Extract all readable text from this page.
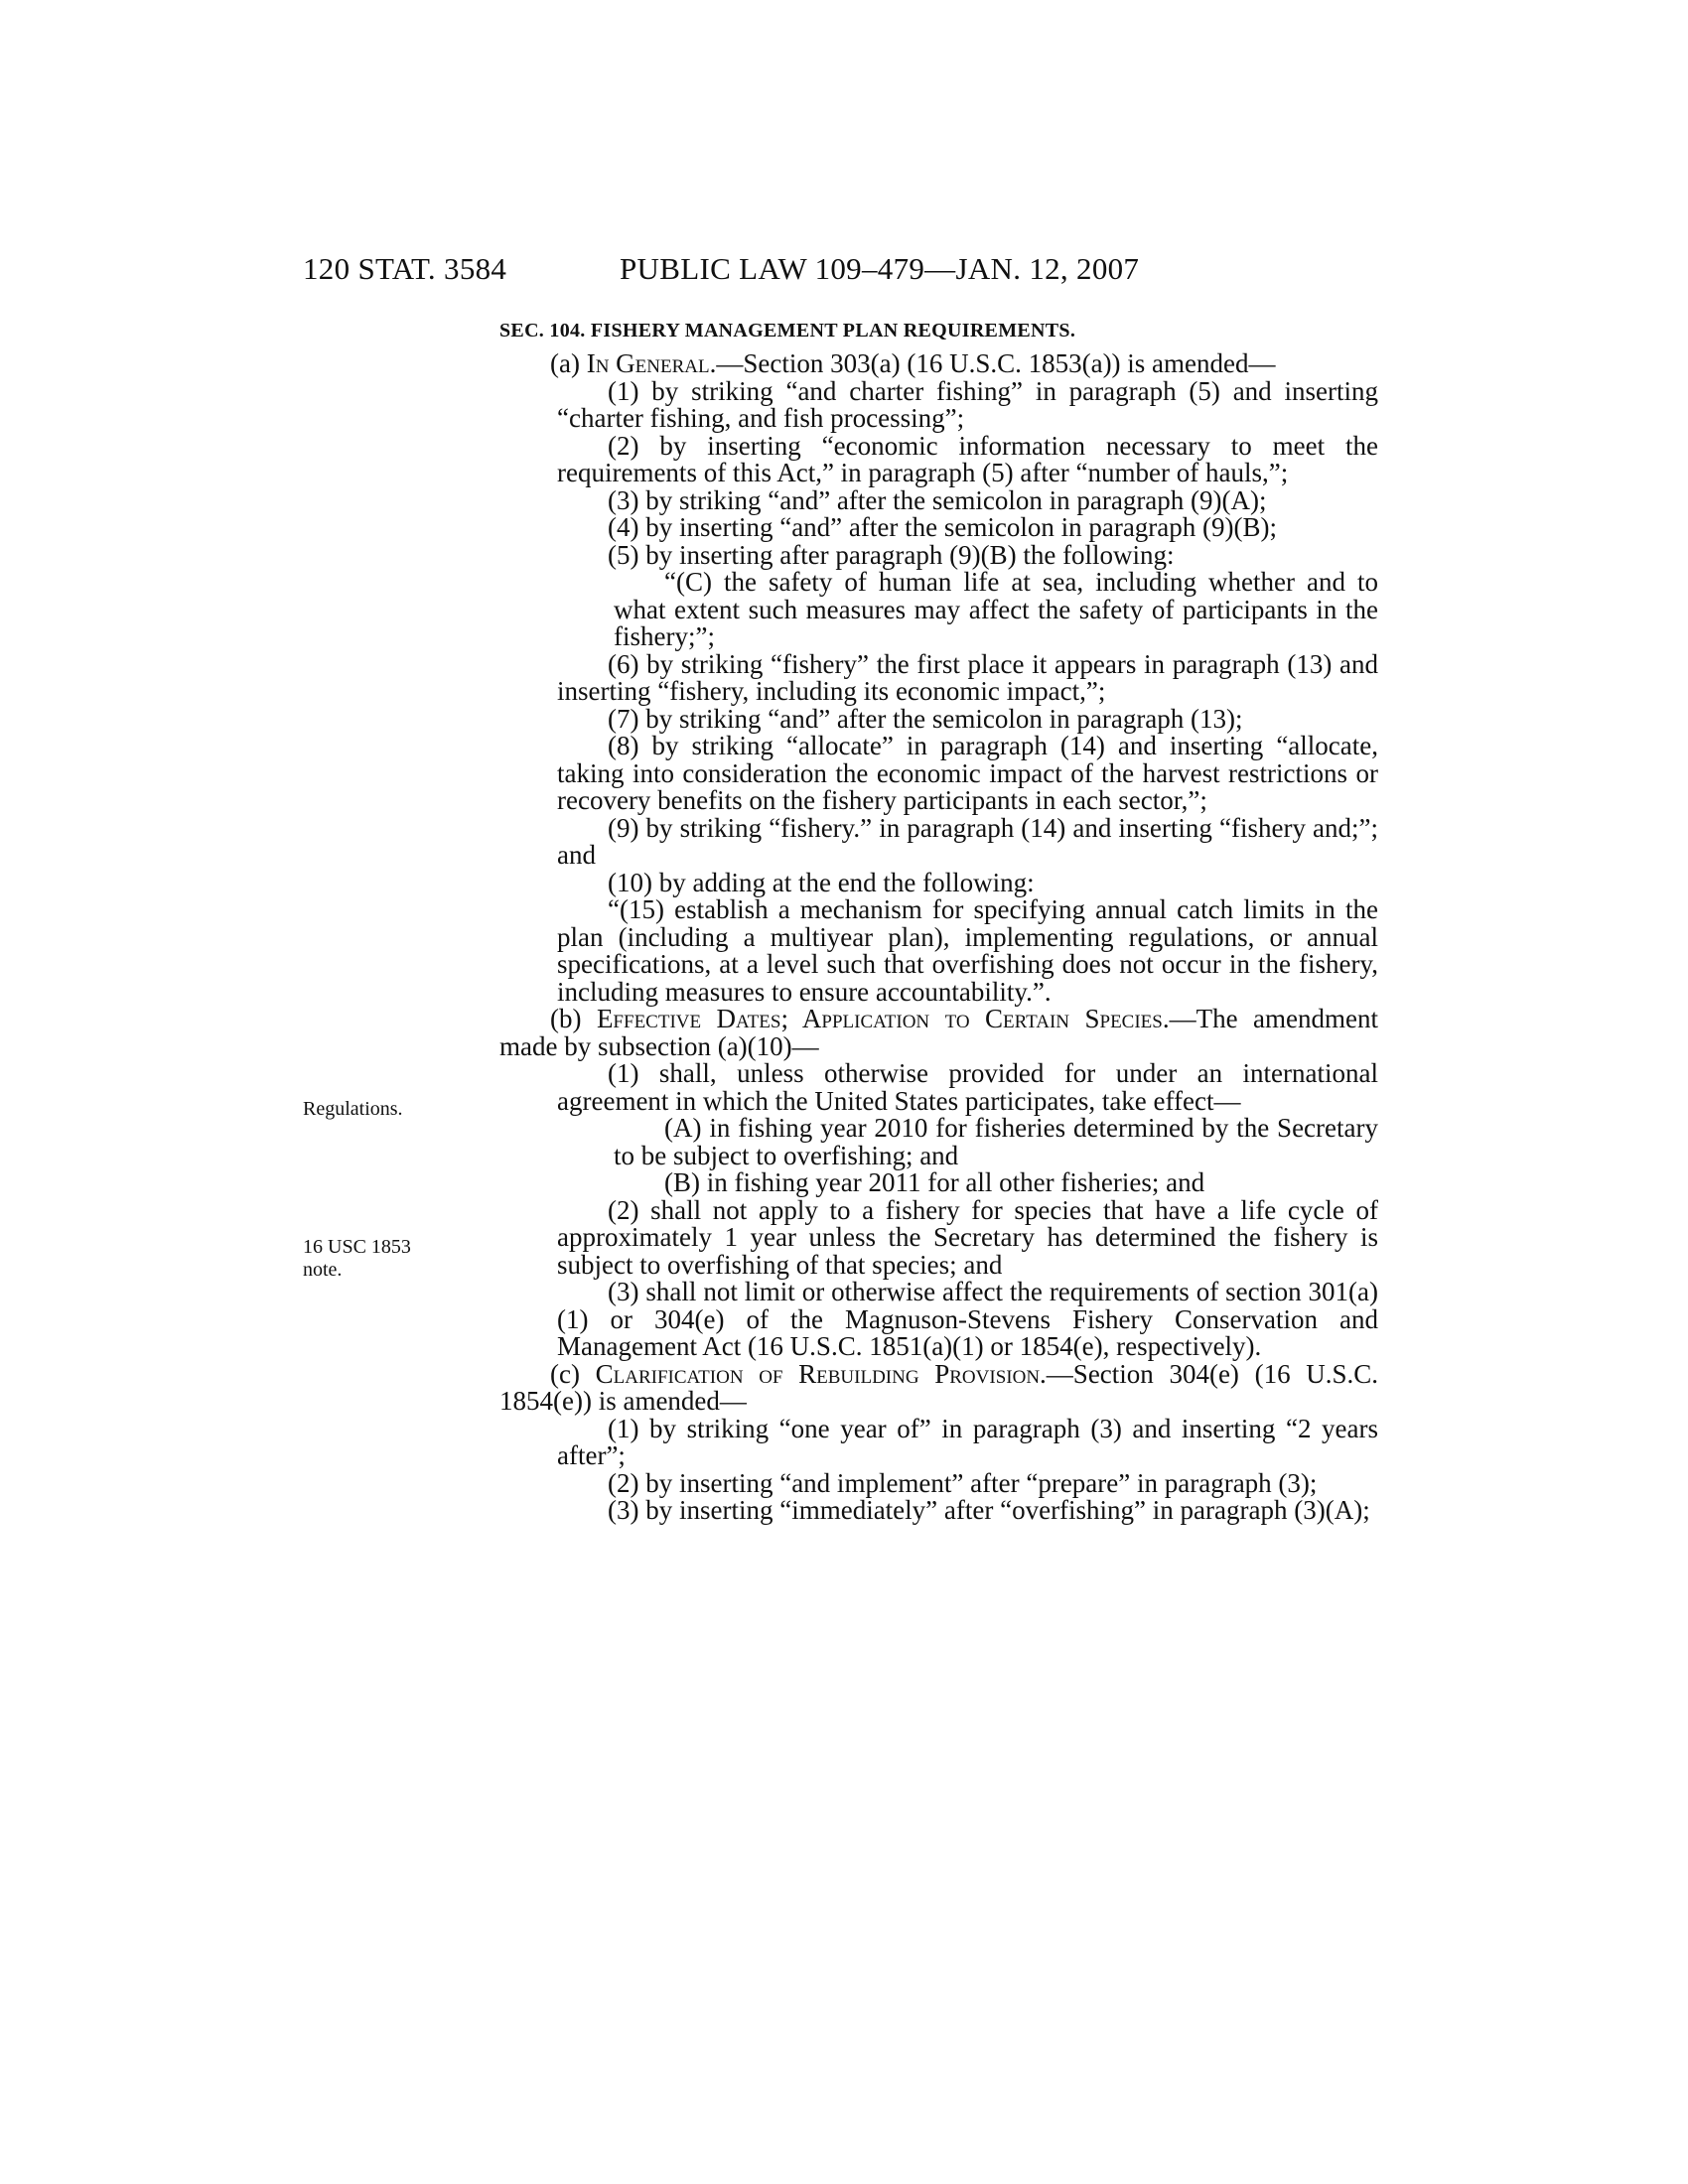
120 STAT. 3584	PUBLIC LAW 109–479—JAN. 12, 2007
Regulations.
16 USC 1853
note.
SEC. 104. FISHERY MANAGEMENT PLAN REQUIREMENTS.
(a) In General.—Section 303(a) (16 U.S.C. 1853(a)) is amended—
(1) by striking “and charter fishing” in paragraph (5) and inserting “charter fishing, and fish processing”;
(2) by inserting “economic information necessary to meet the requirements of this Act,” in paragraph (5) after “number of hauls,”;
(3) by striking “and” after the semicolon in paragraph (9)(A);
(4) by inserting “and” after the semicolon in paragraph (9)(B);
(5) by inserting after paragraph (9)(B) the following:
“(C) the safety of human life at sea, including whether and to what extent such measures may affect the safety of participants in the fishery;”;
(6) by striking “fishery” the first place it appears in paragraph (13) and inserting “fishery, including its economic impact,”;
(7) by striking “and” after the semicolon in paragraph (13);
(8) by striking “allocate” in paragraph (14) and inserting “allocate, taking into consideration the economic impact of the harvest restrictions or recovery benefits on the fishery participants in each sector,”;
(9) by striking “fishery.” in paragraph (14) and inserting “fishery and;”; and
(10) by adding at the end the following:
“(15) establish a mechanism for specifying annual catch limits in the plan (including a multiyear plan), implementing regulations, or annual specifications, at a level such that overfishing does not occur in the fishery, including measures to ensure accountability.”.
(b) Effective Dates; Application to Certain Species.—The amendment made by subsection (a)(10)—
(1) shall, unless otherwise provided for under an international agreement in which the United States participates, take effect—
(A) in fishing year 2010 for fisheries determined by the Secretary to be subject to overfishing; and
(B) in fishing year 2011 for all other fisheries; and
(2) shall not apply to a fishery for species that have a life cycle of approximately 1 year unless the Secretary has determined the fishery is subject to overfishing of that species; and
(3) shall not limit or otherwise affect the requirements of section 301(a)(1) or 304(e) of the Magnuson-Stevens Fishery Conservation and Management Act (16 U.S.C. 1851(a)(1) or 1854(e), respectively).
(c) Clarification of Rebuilding Provision.—Section 304(e) (16 U.S.C. 1854(e)) is amended—
(1) by striking “one year of” in paragraph (3) and inserting “2 years after”;
(2) by inserting “and implement” after “prepare” in paragraph (3);
(3) by inserting “immediately” after “overfishing” in paragraph (3)(A);
